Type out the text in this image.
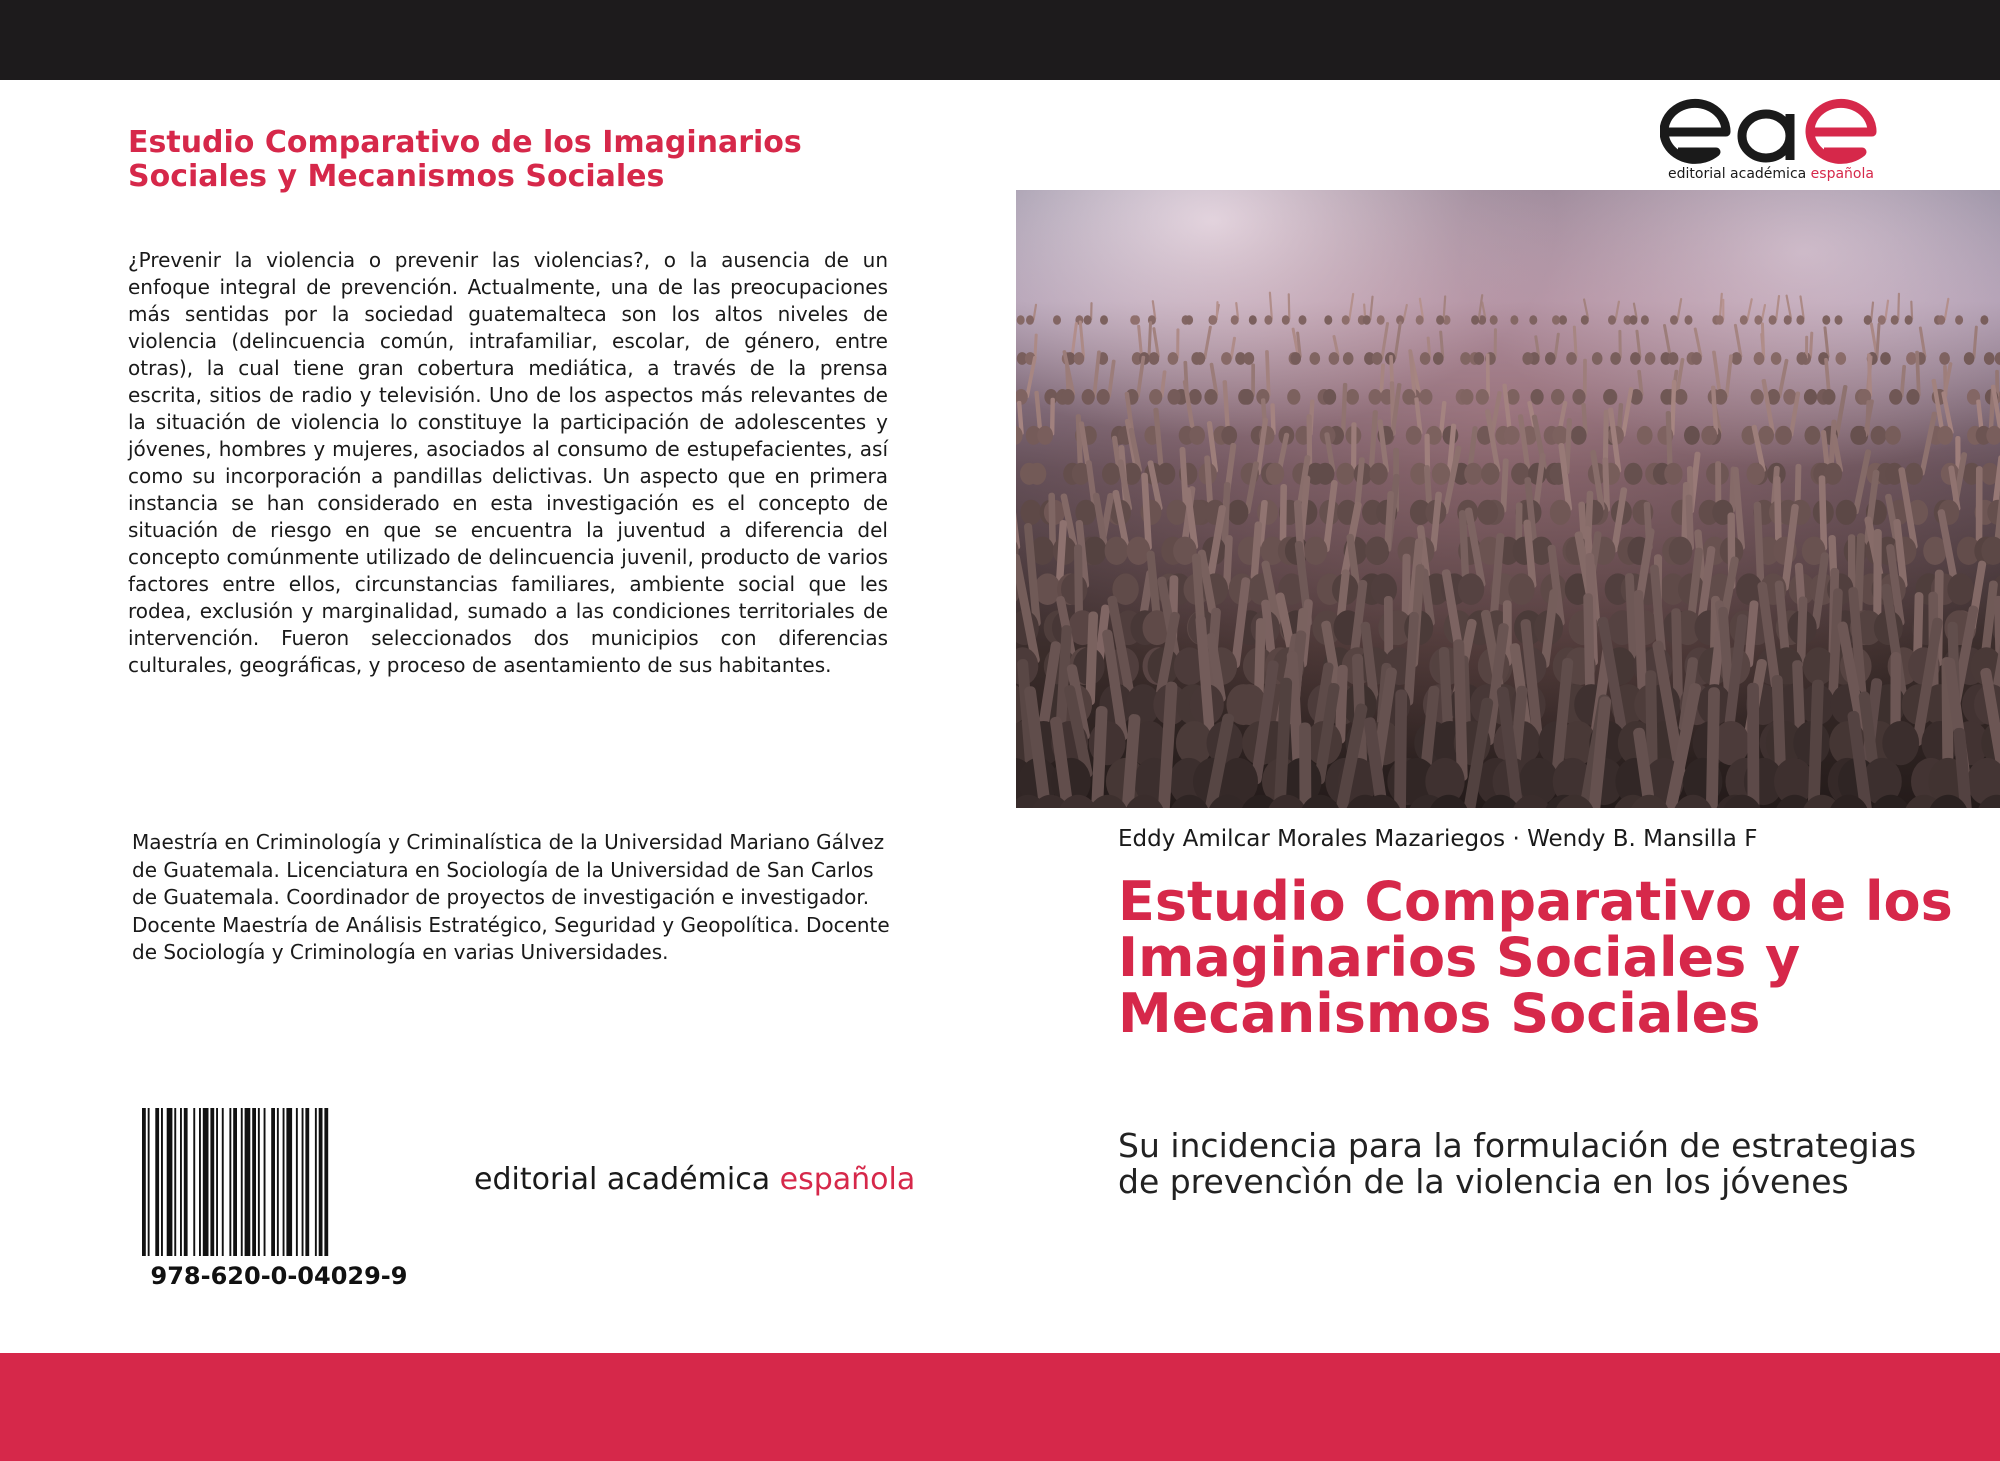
Estudio Comparativo de los Imaginarios Sociales y Mecanismos Sociales

¿Prevenir la violencia o prevenir las violencias?, o la ausencia de un enfoque integral de prevención. Actualmente, una de las preocupaciones más sentidas por la sociedad guatemalteca son los altos niveles de violencia (delincuencia común, intrafamiliar, escolar, de género, entre otras), la cual tiene gran cobertura mediática, a través de la prensa escrita, sitios de radio y televisión. Uno de los aspectos más relevantes de la situación de violencia lo constituye la participación de adolescentes y jóvenes, hombres y mujeres, asociados al consumo de estupefacientes, así como su incorporación a pandillas delictivas. Un aspecto que en primera instancia se han considerado en esta investigación es el concepto de situación de riesgo en que se encuentra la juventud a diferencia del concepto comúnmente utilizado de delincuencia juvenil, producto de varios factores entre ellos, circunstancias familiares, ambiente social que les rodea, exclusión y marginalidad, sumado a las condiciones territoriales de intervención. Fueron seleccionados dos municipios con diferencias culturales, geográficas, y proceso de asentamiento de sus habitantes.

Maestría en Criminología y Criminalística de la Universidad Mariano Gálvez de Guatemala. Licenciatura en Sociología de la Universidad de San Carlos de Guatemala. Coordinador de proyectos de investigación e investigador. Docente Maestría de Análisis Estratégico, Seguridad y Geopolítica. Docente de Sociología y Criminología en varias Universidades.

978-620-0-04029-9
editorial académica española
editorial académica española
Eddy Amilcar Morales Mazariegos · Wendy B. Mansilla F
Estudio Comparativo de los Imaginarios Sociales y Mecanismos Sociales

Su incidencia para la formulación de estrategias de prevencìón de la violencia en los jóvenes
